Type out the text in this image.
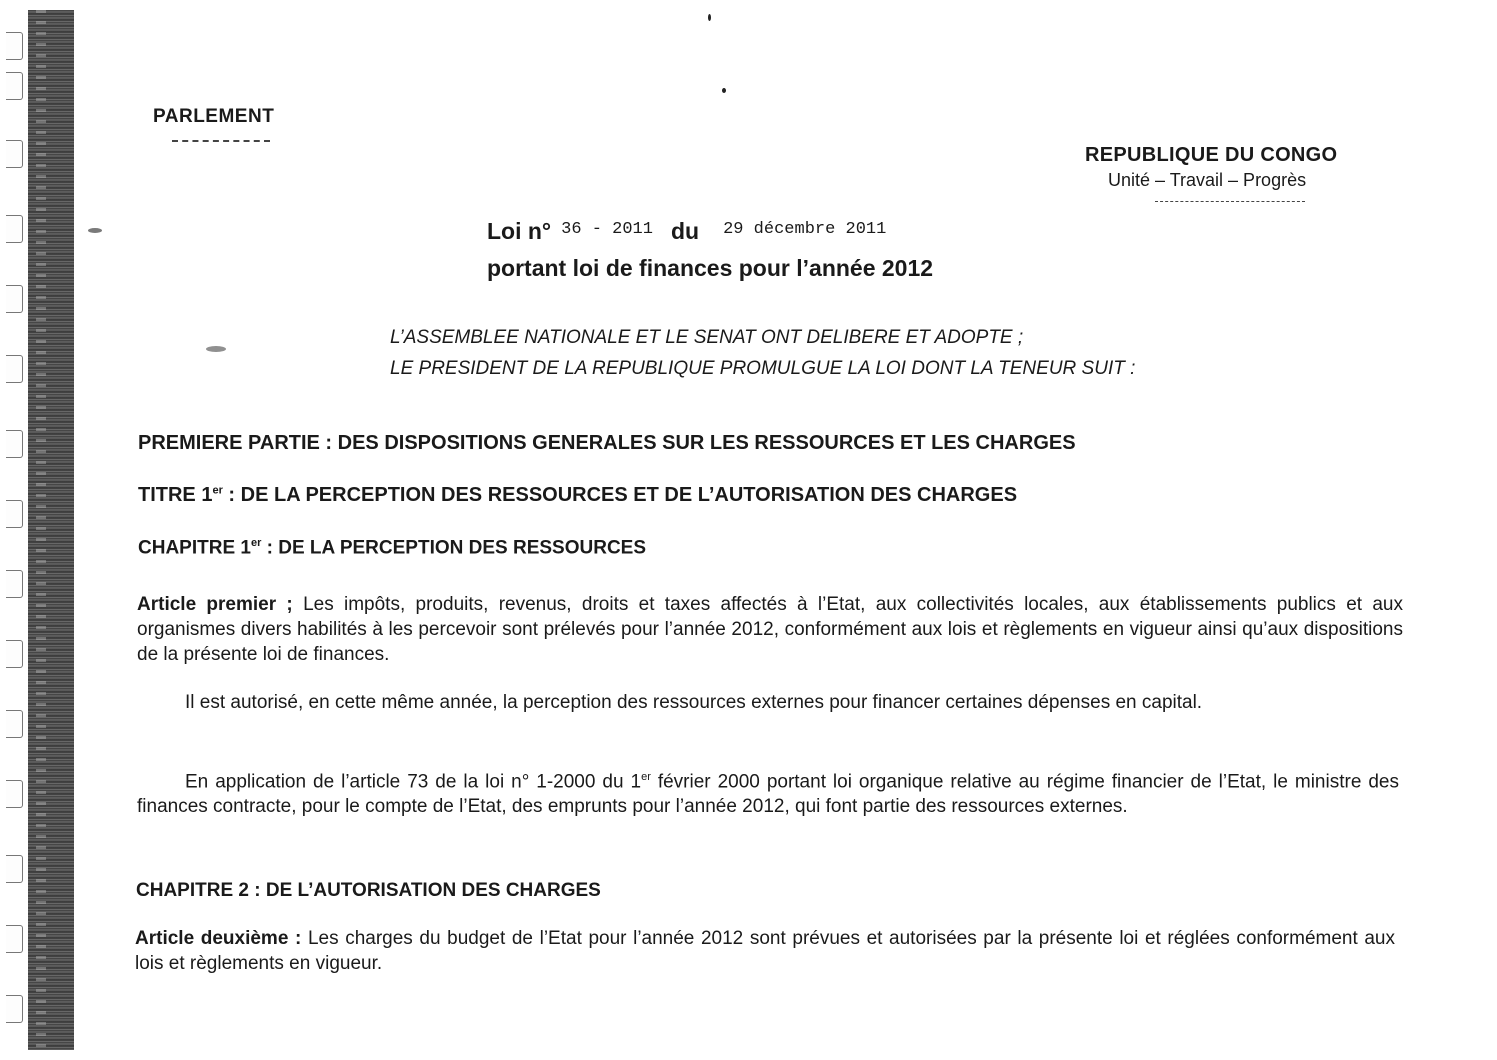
PARLEMENT
REPUBLIQUE DU CONGO
Unité – Travail – Progrès
Loi n° $^{36 - 2011}$ du $^{29 décembre 2011}$
portant loi de finances pour l’année 2012
L’ASSEMBLEE NATIONALE ET LE SENAT ONT DELIBERE ET ADOPTE ;
LE PRESIDENT DE LA REPUBLIQUE PROMULGUE LA LOI DONT LA TENEUR SUIT :
PREMIERE PARTIE : DES DISPOSITIONS GENERALES SUR LES RESSOURCES ET LES CHARGES
TITRE 1er : DE LA PERCEPTION DES RESSOURCES ET DE L’AUTORISATION DES CHARGES
CHAPITRE 1er : DE LA PERCEPTION DES RESSOURCES
Article premier ; Les impôts, produits, revenus, droits et taxes affectés à l’Etat, aux collectivités locales, aux établissements publics et aux organismes divers habilités à les percevoir sont prélevés pour l’année 2012, conformément aux lois et règlements en vigueur ainsi qu’aux dispositions de la présente loi de finances.
Il est autorisé, en cette même année, la perception des ressources externes pour financer certaines dépenses en capital.
En application de l’article 73 de la loi n° 1-2000 du 1er février 2000 portant loi organique relative au régime financier de l’Etat, le ministre des finances contracte, pour le compte de l’Etat, des emprunts pour l’année 2012, qui font partie des ressources externes.
CHAPITRE 2 : DE L’AUTORISATION DES CHARGES
Article deuxième : Les charges du budget de l’Etat pour l’année 2012 sont prévues et autorisées par la présente loi et réglées conformément aux lois et règlements en vigueur.
